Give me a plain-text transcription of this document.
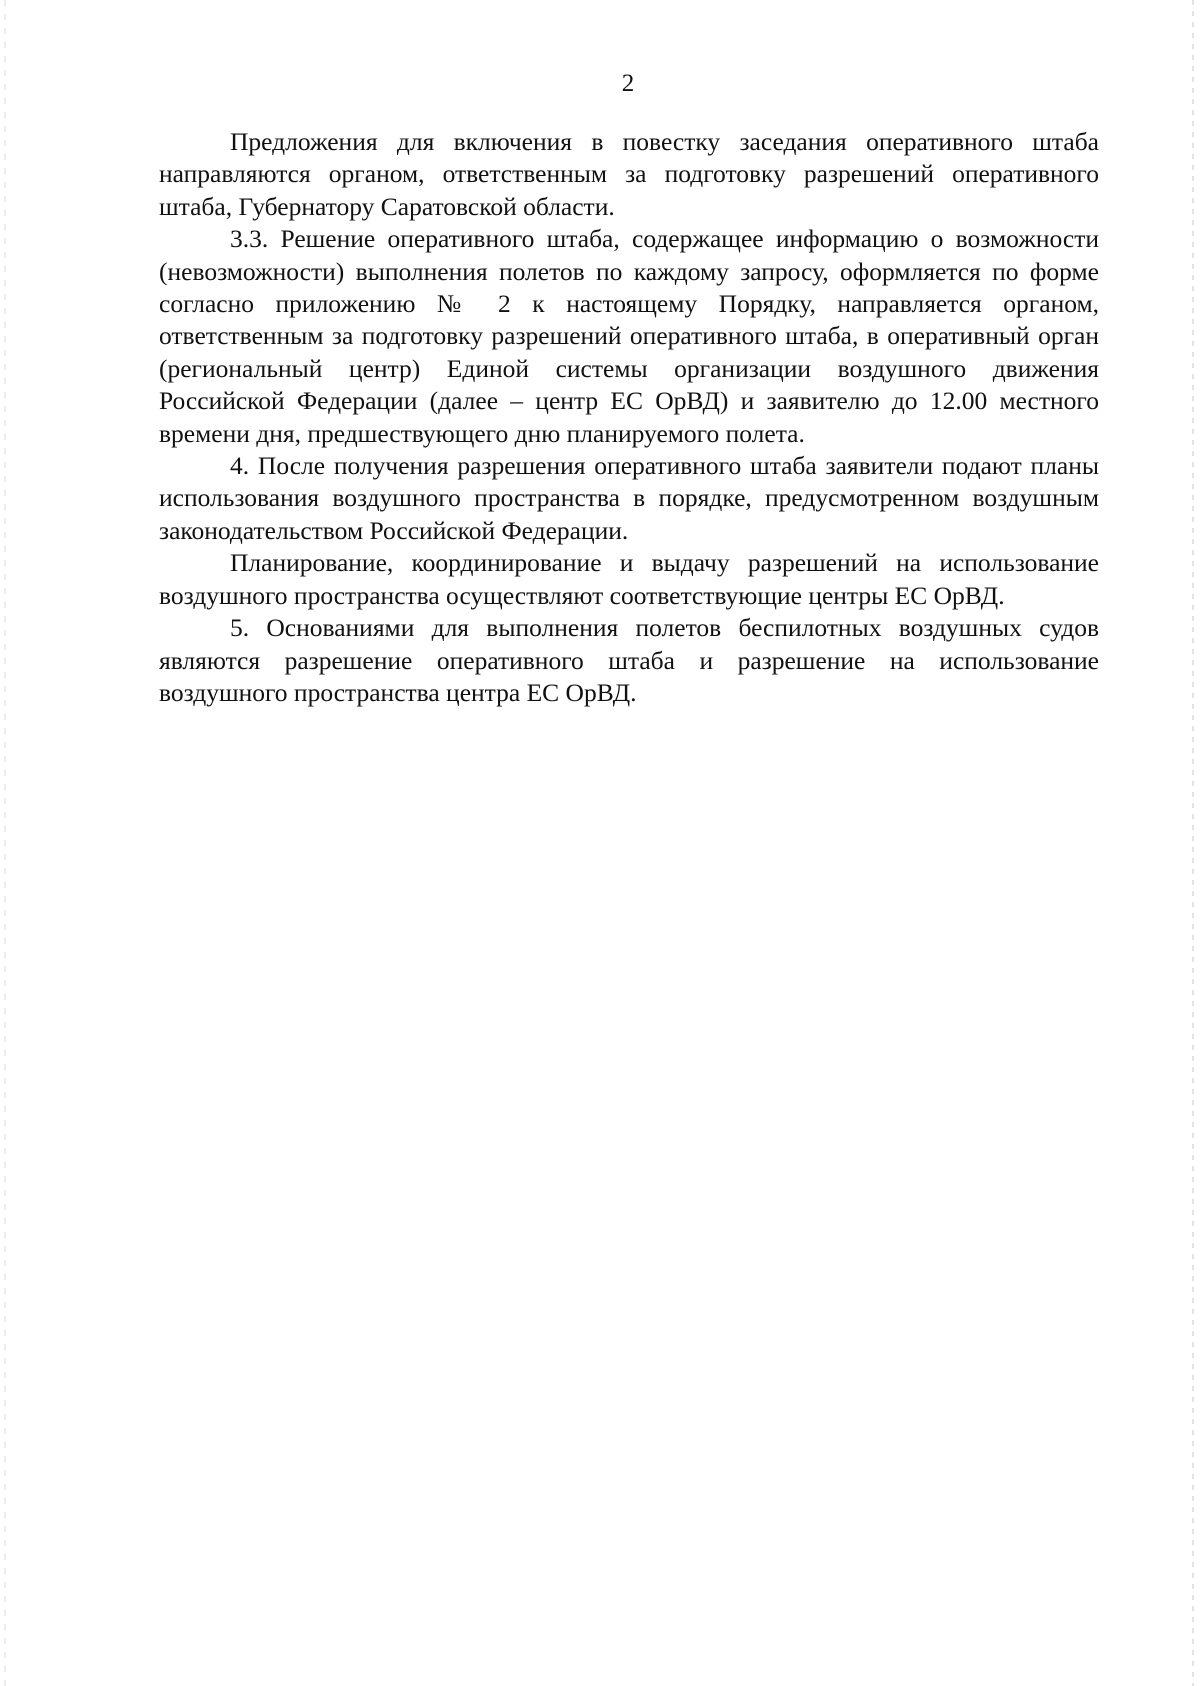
2

Предложения для включения в повестку заседания оперативного штаба направляются органом, ответственным за подготовку разрешений оперативного штаба, Губернатору Саратовской области.

3.3. Решение оперативного штаба, содержащее информацию о возможности (невозможности) выполнения полетов по каждому запросу, оформляется по форме согласно приложению № 2 к настоящему Порядку, направляется органом, ответственным за подготовку разрешений оперативного штаба, в оперативный орган (региональный центр) Единой системы организации воздушного движения Российской Федерации (далее – центр ЕС ОрВД) и заявителю до 12.00 местного времени дня, предшествующего дню планируемого полета.

4. После получения разрешения оперативного штаба заявители подают планы использования воздушного пространства в порядке, предусмотренном воздушным законодательством Российской Федерации.

Планирование, координирование и выдачу разрешений на использование воздушного пространства осуществляют соответствующие центры ЕС ОрВД.

5. Основаниями для выполнения полетов беспилотных воздушных судов являются разрешение оперативного штаба и разрешение на использование воздушного пространства центра ЕС ОрВД.
